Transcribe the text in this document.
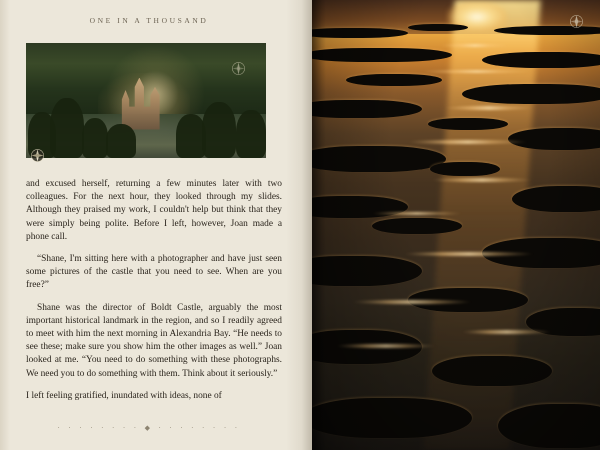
ONE IN A THOUSAND

and excused herself, returning a few minutes later with two colleagues. For the next hour, they looked through my slides. Although they praised my work, I couldn't help but think that they were simply being polite. Before I left, however, Joan made a phone call.

“Shane, I'm sitting here with a photographer and have just seen some pictures of the castle that you need to see. When are you free?”

Shane was the director of Boldt Castle, arguably the most important historical landmark in the region, and so I readily agreed to meet with him the next morning in Alexandria Bay. “He needs to see these; make sure you show him the other images as well.” Joan looked at me. “You need to do something with these photographs. We need you to do something with them. Think about it seriously.”

I left feeling gratified, inundated with ideas, none of

· · · · · · · · ◆ · · · · · · · ·
